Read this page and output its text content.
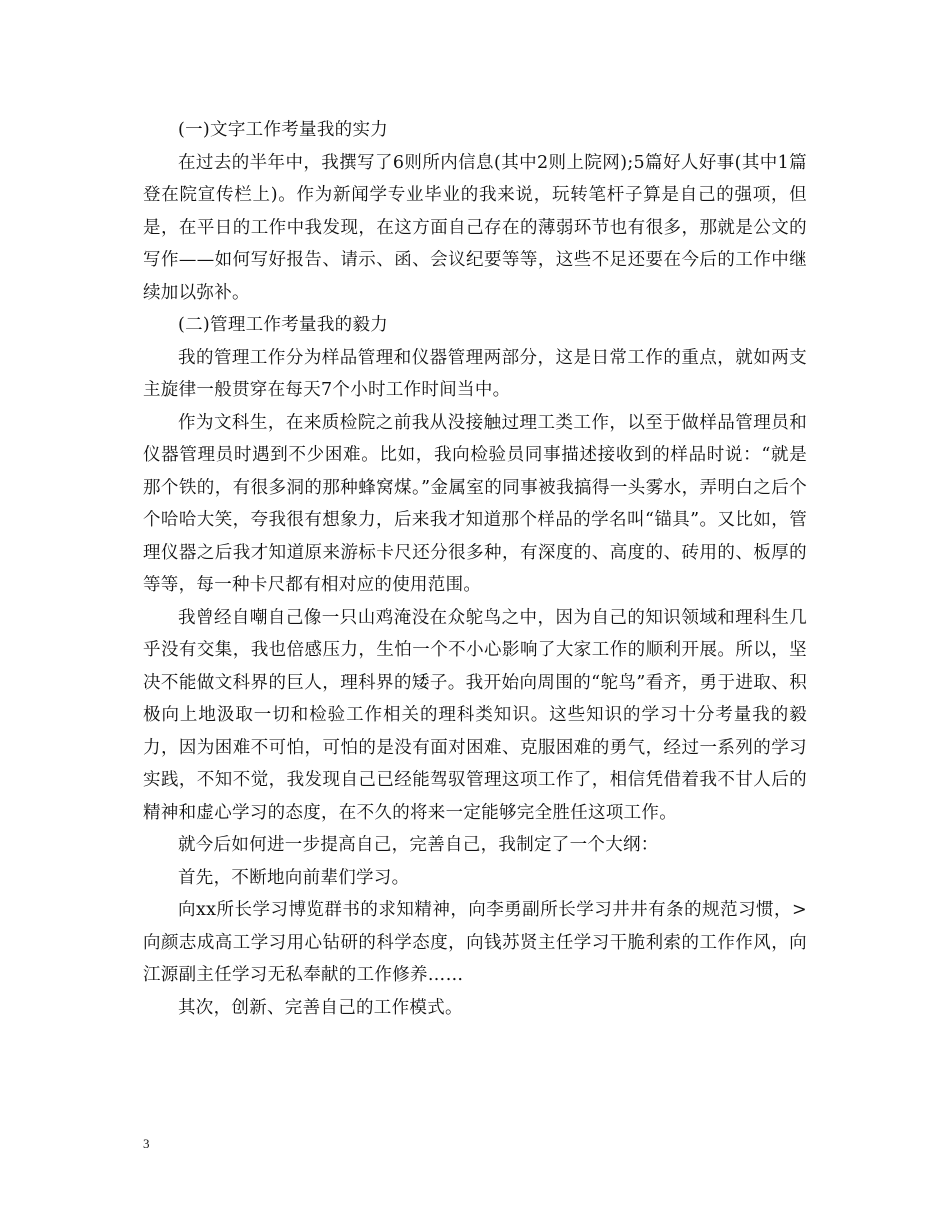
(一)文字工作考量我的实力

在过去的半年中，我撰写了6则所内信息(其中2则上院网);5篇好人好事(其中1篇登在院宣传栏上)。作为新闻学专业毕业的我来说，玩转笔杆子算是自己的强项，但是，在平日的工作中我发现，在这方面自己存在的薄弱环节也有很多，那就是公文的写作——如何写好报告、请示、函、会议纪要等等，这些不足还要在今后的工作中继续加以弥补。

(二)管理工作考量我的毅力

我的管理工作分为样品管理和仪器管理两部分，这是日常工作的重点，就如两支主旋律一般贯穿在每天7个小时工作时间当中。

作为文科生，在来质检院之前我从没接触过理工类工作，以至于做样品管理员和仪器管理员时遇到不少困难。比如，我向检验员同事描述接收到的样品时说：“就是那个铁的，有很多洞的那种蜂窝煤。”金属室的同事被我搞得一头雾水，弄明白之后个个哈哈大笑，夸我很有想象力，后来我才知道那个样品的学名叫“锚具”。又比如，管理仪器之后我才知道原来游标卡尺还分很多种，有深度的、高度的、砖用的、板厚的等等，每一种卡尺都有相对应的使用范围。

我曾经自嘲自己像一只山鸡淹没在众鸵鸟之中，因为自己的知识领域和理科生几乎没有交集，我也倍感压力，生怕一个不小心影响了大家工作的顺利开展。所以，坚决不能做文科界的巨人，理科界的矮子。我开始向周围的“鸵鸟”看齐，勇于进取、积极向上地汲取一切和检验工作相关的理科类知识。这些知识的学习十分考量我的毅力，因为困难不可怕，可怕的是没有面对困难、克服困难的勇气，经过一系列的学习实践，不知不觉，我发现自己已经能驾驭管理这项工作了，相信凭借着我不甘人后的精神和虚心学习的态度，在不久的将来一定能够完全胜任这项工作。

就今后如何进一步提高自己，完善自己，我制定了一个大纲：

首先，不断地向前辈们学习。

向xx所长学习博览群书的求知精神，向李勇副所长学习井井有条的规范习惯，>向颜志成高工学习用心钻研的科学态度，向钱苏贤主任学习干脆利索的工作作风，向江源副主任学习无私奉献的工作修养……

其次，创新、完善自己的工作模式。

3
